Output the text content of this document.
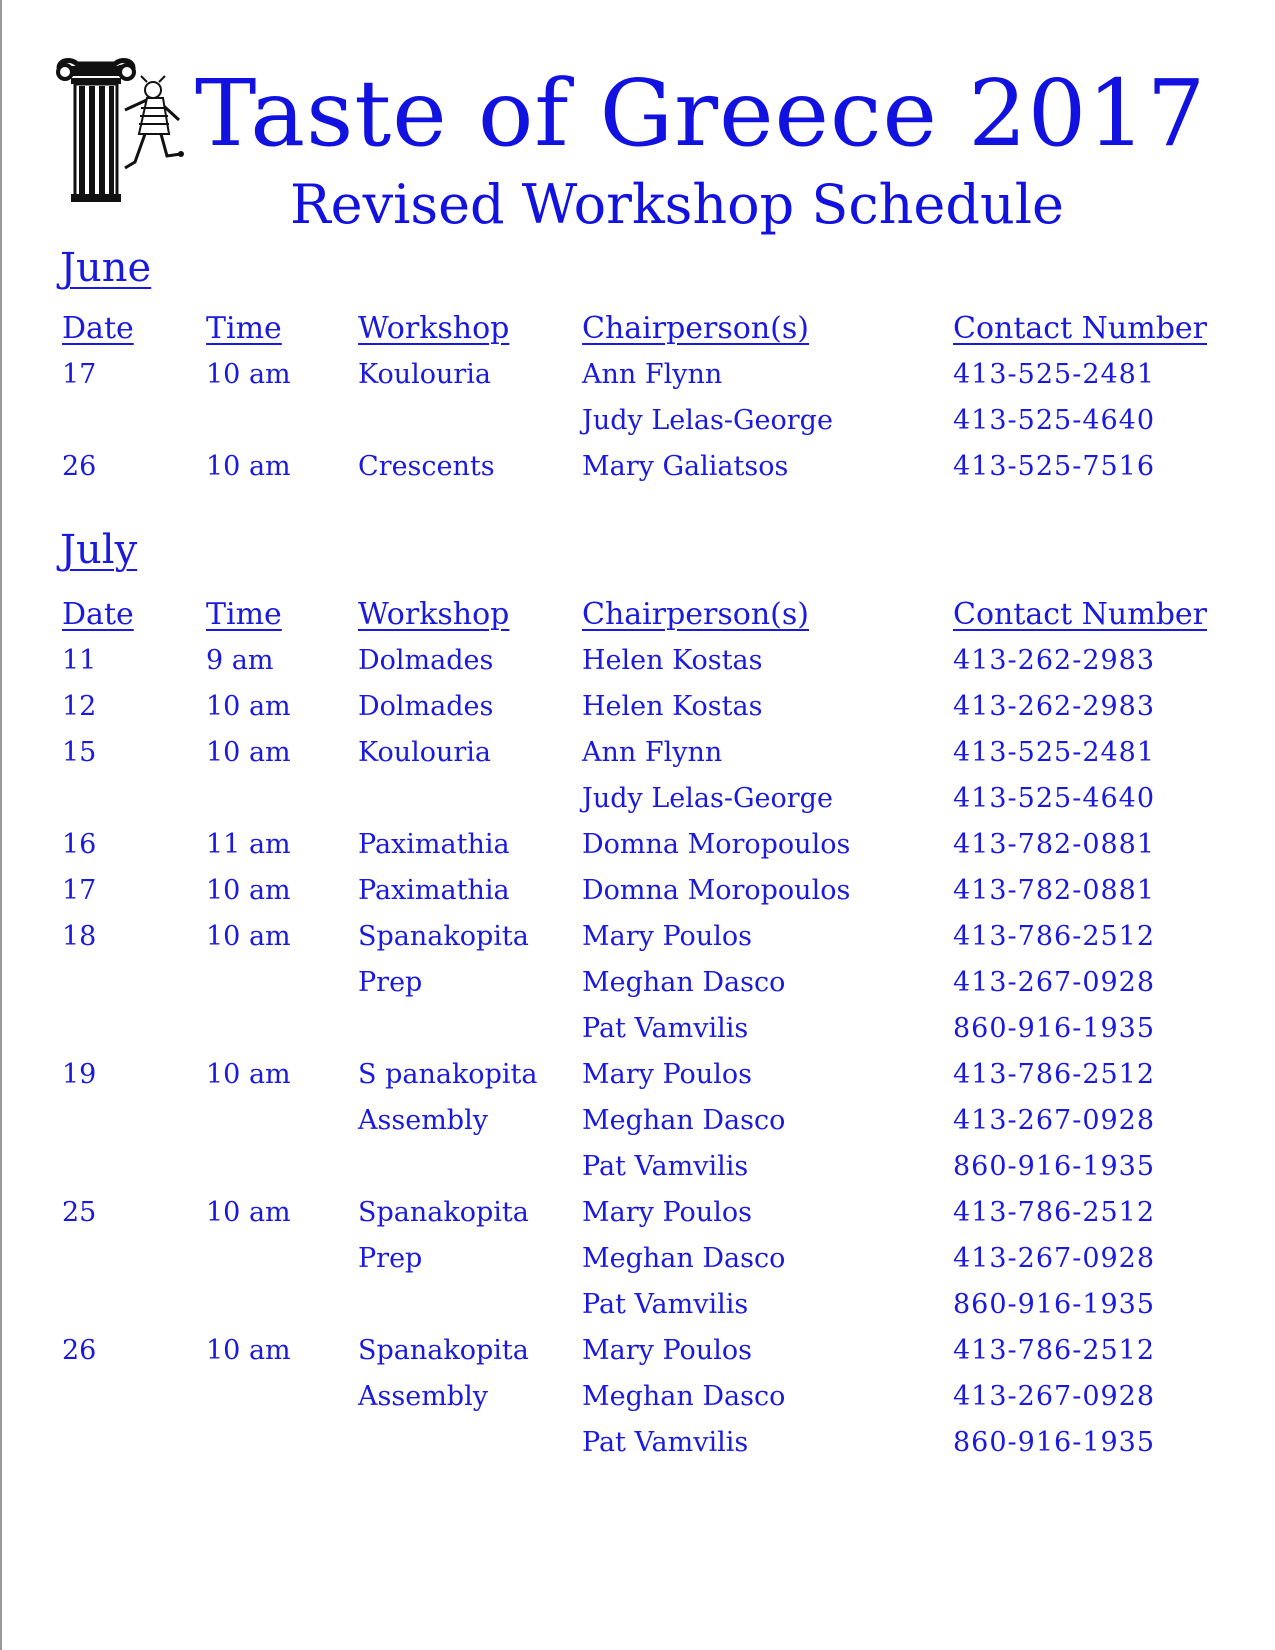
Taste of Greece 2017
Revised Workshop Schedule
June
Date Time	Workshop Chairperson(s)	Contact Number
17	10 am Koulouria	Ann Flynn	413-525-2481
Judy Lelas-George	413-525-4640
26	10 am Crescents	Mary Galiatsos	413-525-7516
July
Date Time	Workshop Chairperson(s)	Contact Number
11	9 am	Dolmades	Helen Kostas	413-262-2983
12	10 am Dolmades	Helen Kostas	413-262-2983
15	10 am Koulouria	Ann Flynn	413-525-2481
Judy Lelas-George	413-525-4640
16	11 am Paximathia	Domna Moropoulos	413-782-0881
17	10 am Paximathia	Domna Moropoulos	413-782-0881
18	10 am Spanakopita Mary Poulos	413-786-2512
Prep	Meghan Dasco	413-267-0928
Pat Vamvilis	860-916-1935
19	10 am S panakopita Mary Poulos	413-786-2512
Assembly	Meghan Dasco	413-267-0928
Pat Vamvilis	860-916-1935
25	10 am Spanakopita Mary Poulos	413-786-2512
Prep	Meghan Dasco	413-267-0928
Pat Vamvilis	860-916-1935
26	10 am Spanakopita Mary Poulos	413-786-2512
Assembly	Meghan Dasco	413-267-0928
Pat Vamvilis	860-916-1935
